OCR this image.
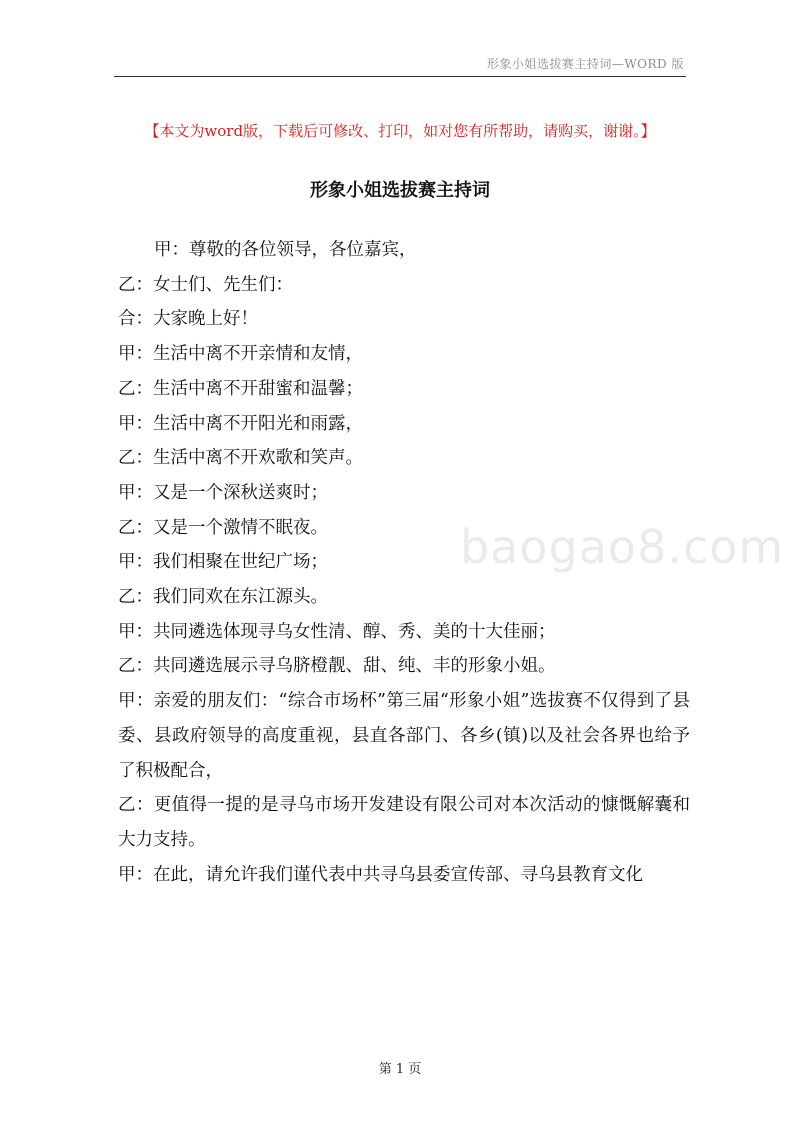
形象小姐选拔赛主持词—WORD 版
【本文为word版，下载后可修改、打印，如对您有所帮助，请购买，谢谢。】
形象小姐选拔赛主持词

甲：尊敬的各位领导，各位嘉宾，

乙：女士们、先生们：

合：大家晚上好！

甲：生活中离不开亲情和友情，

乙：生活中离不开甜蜜和温馨；

甲：生活中离不开阳光和雨露，

乙：生活中离不开欢歌和笑声。

甲：又是一个深秋送爽时；

乙：又是一个激情不眠夜。

甲：我们相聚在世纪广场；

乙：我们同欢在东江源头。

甲：共同遴选体现寻乌女性清、醇、秀、美的十大佳丽；

乙：共同遴选展示寻乌脐橙靓、甜、纯、丰的形象小姐。

甲：亲爱的朋友们：“综合市场杯”第三届“形象小姐”选拔赛不仅得到了县委、县政府领导的高度重视，县直各部门、各乡(镇)以及社会各界也给予了积极配合，

乙：更值得一提的是寻乌市场开发建设有限公司对本次活动的慷慨解囊和大力支持。

甲：在此，请允许我们谨代表中共寻乌县委宣传部、寻乌县教育文化

baogao8.com
第 1 页
